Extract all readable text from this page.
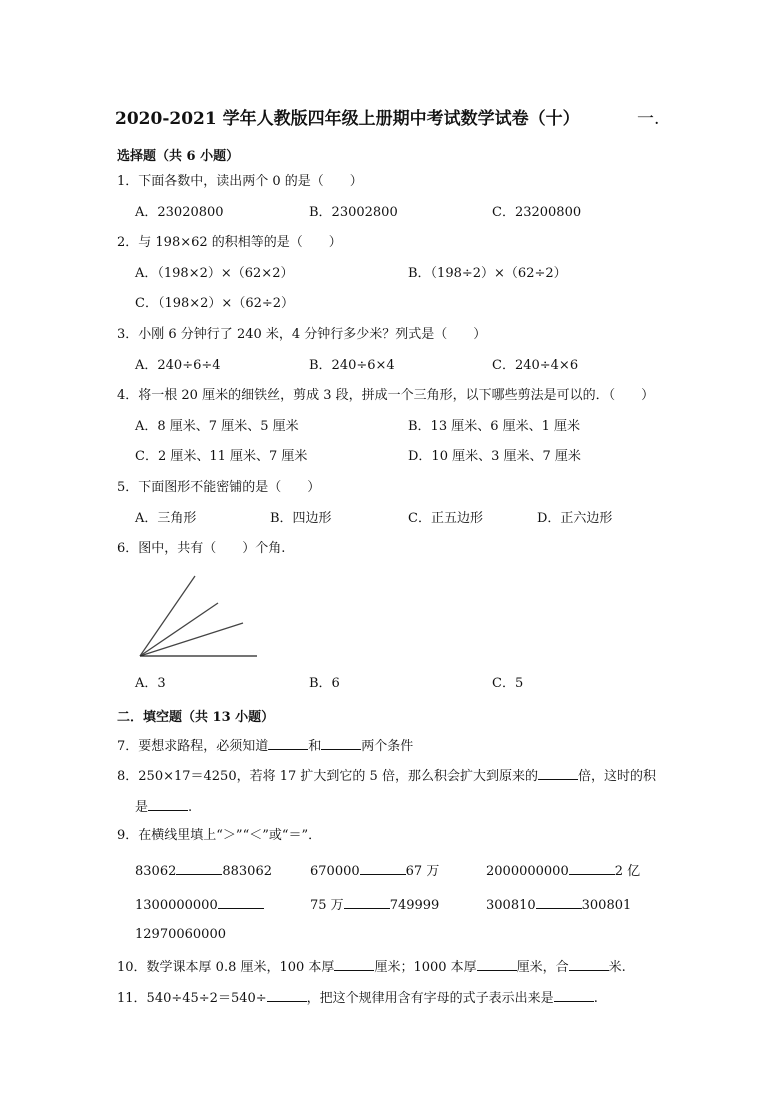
2020-2021 学年人教版四年级上册期中考试数学试卷（十）	一.
选择题（共 6 小题）
1．下面各数中，读出两个 0 的是（　　）
A．23020800	B．23002800	C．23200800
2．与 198×62 的积相等的是（　　）
A．（198×2）×（62×2）	B．（198÷2）×（62÷2）
C．（198×2）×（62÷2）
3．小刚 6 分钟行了 240 米，4 分钟行多少米？列式是（　　）
A．240÷6÷4	B．240÷6×4	C．240÷4×6
4．将一根 20 厘米的细铁丝，剪成 3 段，拼成一个三角形，以下哪些剪法是可以的．（　　）
A．8 厘米、7 厘米、5 厘米	B．13 厘米、6 厘米、1 厘米
C．2 厘米、11 厘米、7 厘米	D．10 厘米、3 厘米、7 厘米
5．下面图形不能密铺的是（　　）
A．三角形	B．四边形	C．正五边形	D．正六边形
6．图中，共有（　　）个角.
A．3	B．6	C．5
二．填空题（共 13 小题）
7．要想求路程，必须知道	和	两个条件
8．250×17＝4250，若将 17 扩大到它的 5 倍，那么积会扩大到原来的	倍，这时的积
是	.
9．在横线里填上“＞”“＜”或“＝”．
83062	883062	670000	67 万	2000000000	2 亿
1300000000	75 万	749999	300810	300801
12970060000
10．数学课本厚 0.8 厘米，100 本厚	厘米；1000 本厚	厘米，合	米.
11．540÷45÷2＝540÷	，把这个规律用含有字母的式子表示出来是	.
